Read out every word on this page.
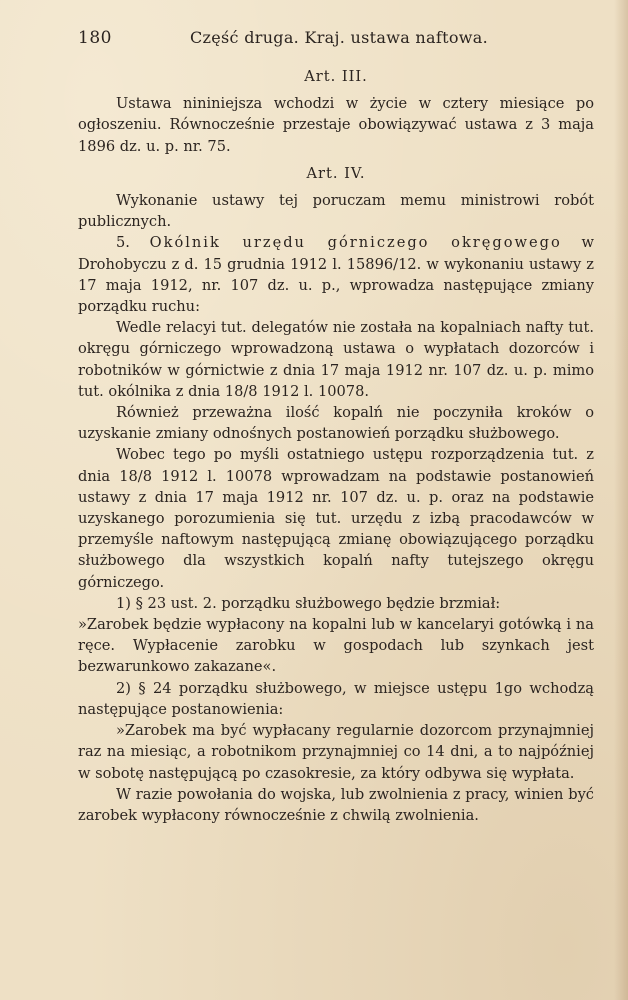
180	Część druga. Kraj. ustawa naftowa.
Art. III.

Ustawa nininiejsza wchodzi w życie w cztery miesiące po ogłoszeniu. Równocześnie przestaje obowiązywać ustawa z 3 maja 1896 dz. u. p. nr. 75.

Art. IV.

Wykonanie ustawy tej poruczam memu ministrowi robót publicznych.

5. Okólnik urzędu górniczego okręgowego w Drohobyczu z d. 15 grudnia 1912 l. 15896/12. w wykonaniu ustawy z 17 maja 1912, nr. 107 dz. u. p., wprowadza następujące zmiany porządku ruchu:

Wedle relacyi tut. delegatów nie została na kopalniach nafty tut. okręgu górniczego wprowadzoną ustawa o wypłatach dozorców i robotników w górnictwie z dnia 17 maja 1912 nr. 107 dz. u. p. mimo tut. okólnika z dnia 18/8 1912 l. 10078.

Również przeważna ilość kopalń nie poczyniła kroków o uzyskanie zmiany odnośnych postanowień porządku służbowego.

Wobec tego po myśli ostatniego ustępu rozporządzenia tut. z dnia 18/8 1912 l. 10078 wprowadzam na podstawie postanowień ustawy z dnia 17 maja 1912 nr. 107 dz. u. p. oraz na podstawie uzyskanego porozumienia się tut. urzędu z izbą pracodawców w przemyśle naftowym następującą zmianę obowiązującego porządku służbowego dla wszystkich kopalń nafty tutejszego okręgu górniczego.

1) § 23 ust. 2. porządku służbowego będzie brzmiał:

»Zarobek będzie wypłacony na kopalni lub w kancelaryi gotówką i na ręce. Wypłacenie zarobku w gospodach lub szynkach jest bezwarunkowo zakazane«.

2) § 24 porządku służbowego, w miejsce ustępu 1go wchodzą następujące postanowienia:

»Zarobek ma być wypłacany regularnie dozorcom przynajmniej raz na miesiąc, a robotnikom przynajmniej co 14 dni, a to najpóźniej w sobotę następującą po czasokresie, za który odbywa się wypłata.

W razie powołania do wojska, lub zwolnienia z pracy, winien być zarobek wypłacony równocześnie z chwilą zwolnienia.
